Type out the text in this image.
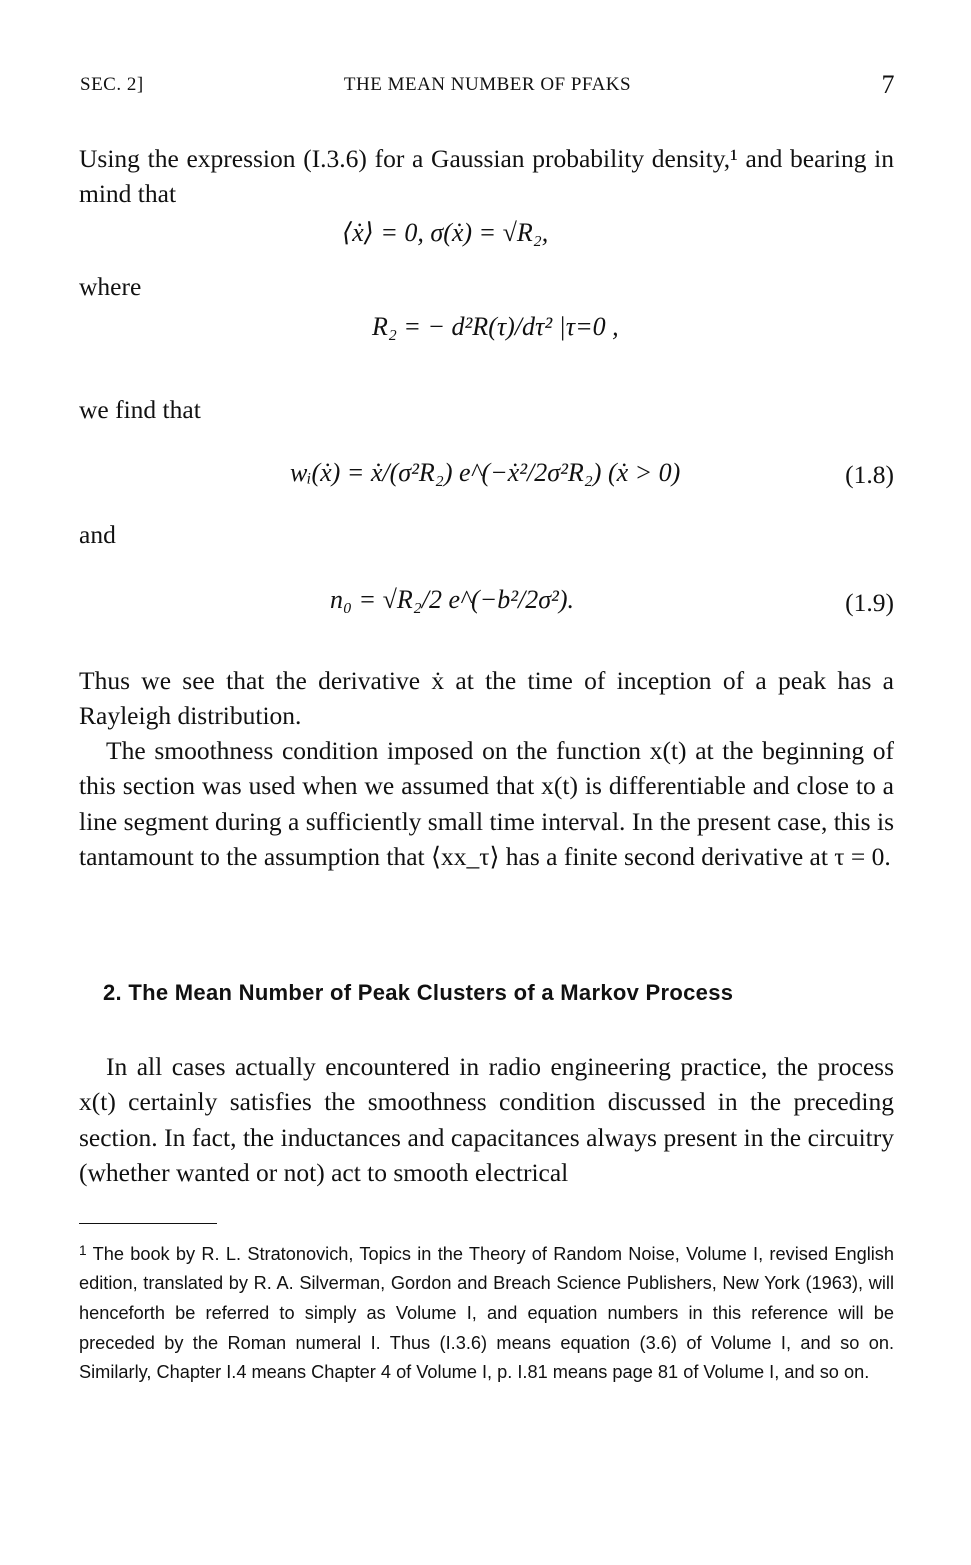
SEC. 2]	THE MEAN NUMBER OF PFAKS	7

Using the expression (I.3.6) for a Gaussian probability density,¹ and bearing in mind that

⟨ẋ⟩ = 0, σ(ẋ) = √R₂,
where
R₂ = − d²R(τ)/dτ² |τ=0 ,
we find that
wᵢ(ẋ) = ẋ/(σ²R₂) e^(−ẋ²/2σ²R₂) (ẋ > 0)	(1.8)
and
n₀ = √R₂/2 e^(−b²/2σ²).	(1.9)

Thus we see that the derivative ẋ at the time of inception of a peak has a Rayleigh distribution.

The smoothness condition imposed on the function x(t) at the beginning of this section was used when we assumed that x(t) is differentiable and close to a line segment during a sufficiently small time interval. In the present case, this is tantamount to the assumption that ⟨xx_τ⟩ has a finite second derivative at τ = 0.

2. The Mean Number of Peak Clusters of a Markov Process

In all cases actually encountered in radio engineering practice, the process x(t) certainly satisfies the smoothness condition discussed in the preceding section. In fact, the inductances and capacitances always present in the circuitry (whether wanted or not) act to smooth electrical

$^1$ The book by R. L. Stratonovich, Topics in the Theory of Random Noise, Volume I, revised English edition, translated by R. A. Silverman, Gordon and Breach Science Publishers, New York (1963), will henceforth be referred to simply as Volume I, and equation numbers in this reference will be preceded by the Roman numeral I. Thus (I.3.6) means equation (3.6) of Volume I, and so on. Similarly, Chapter I.4 means Chapter 4 of Volume I, p. I.81 means page 81 of Volume I, and so on.
